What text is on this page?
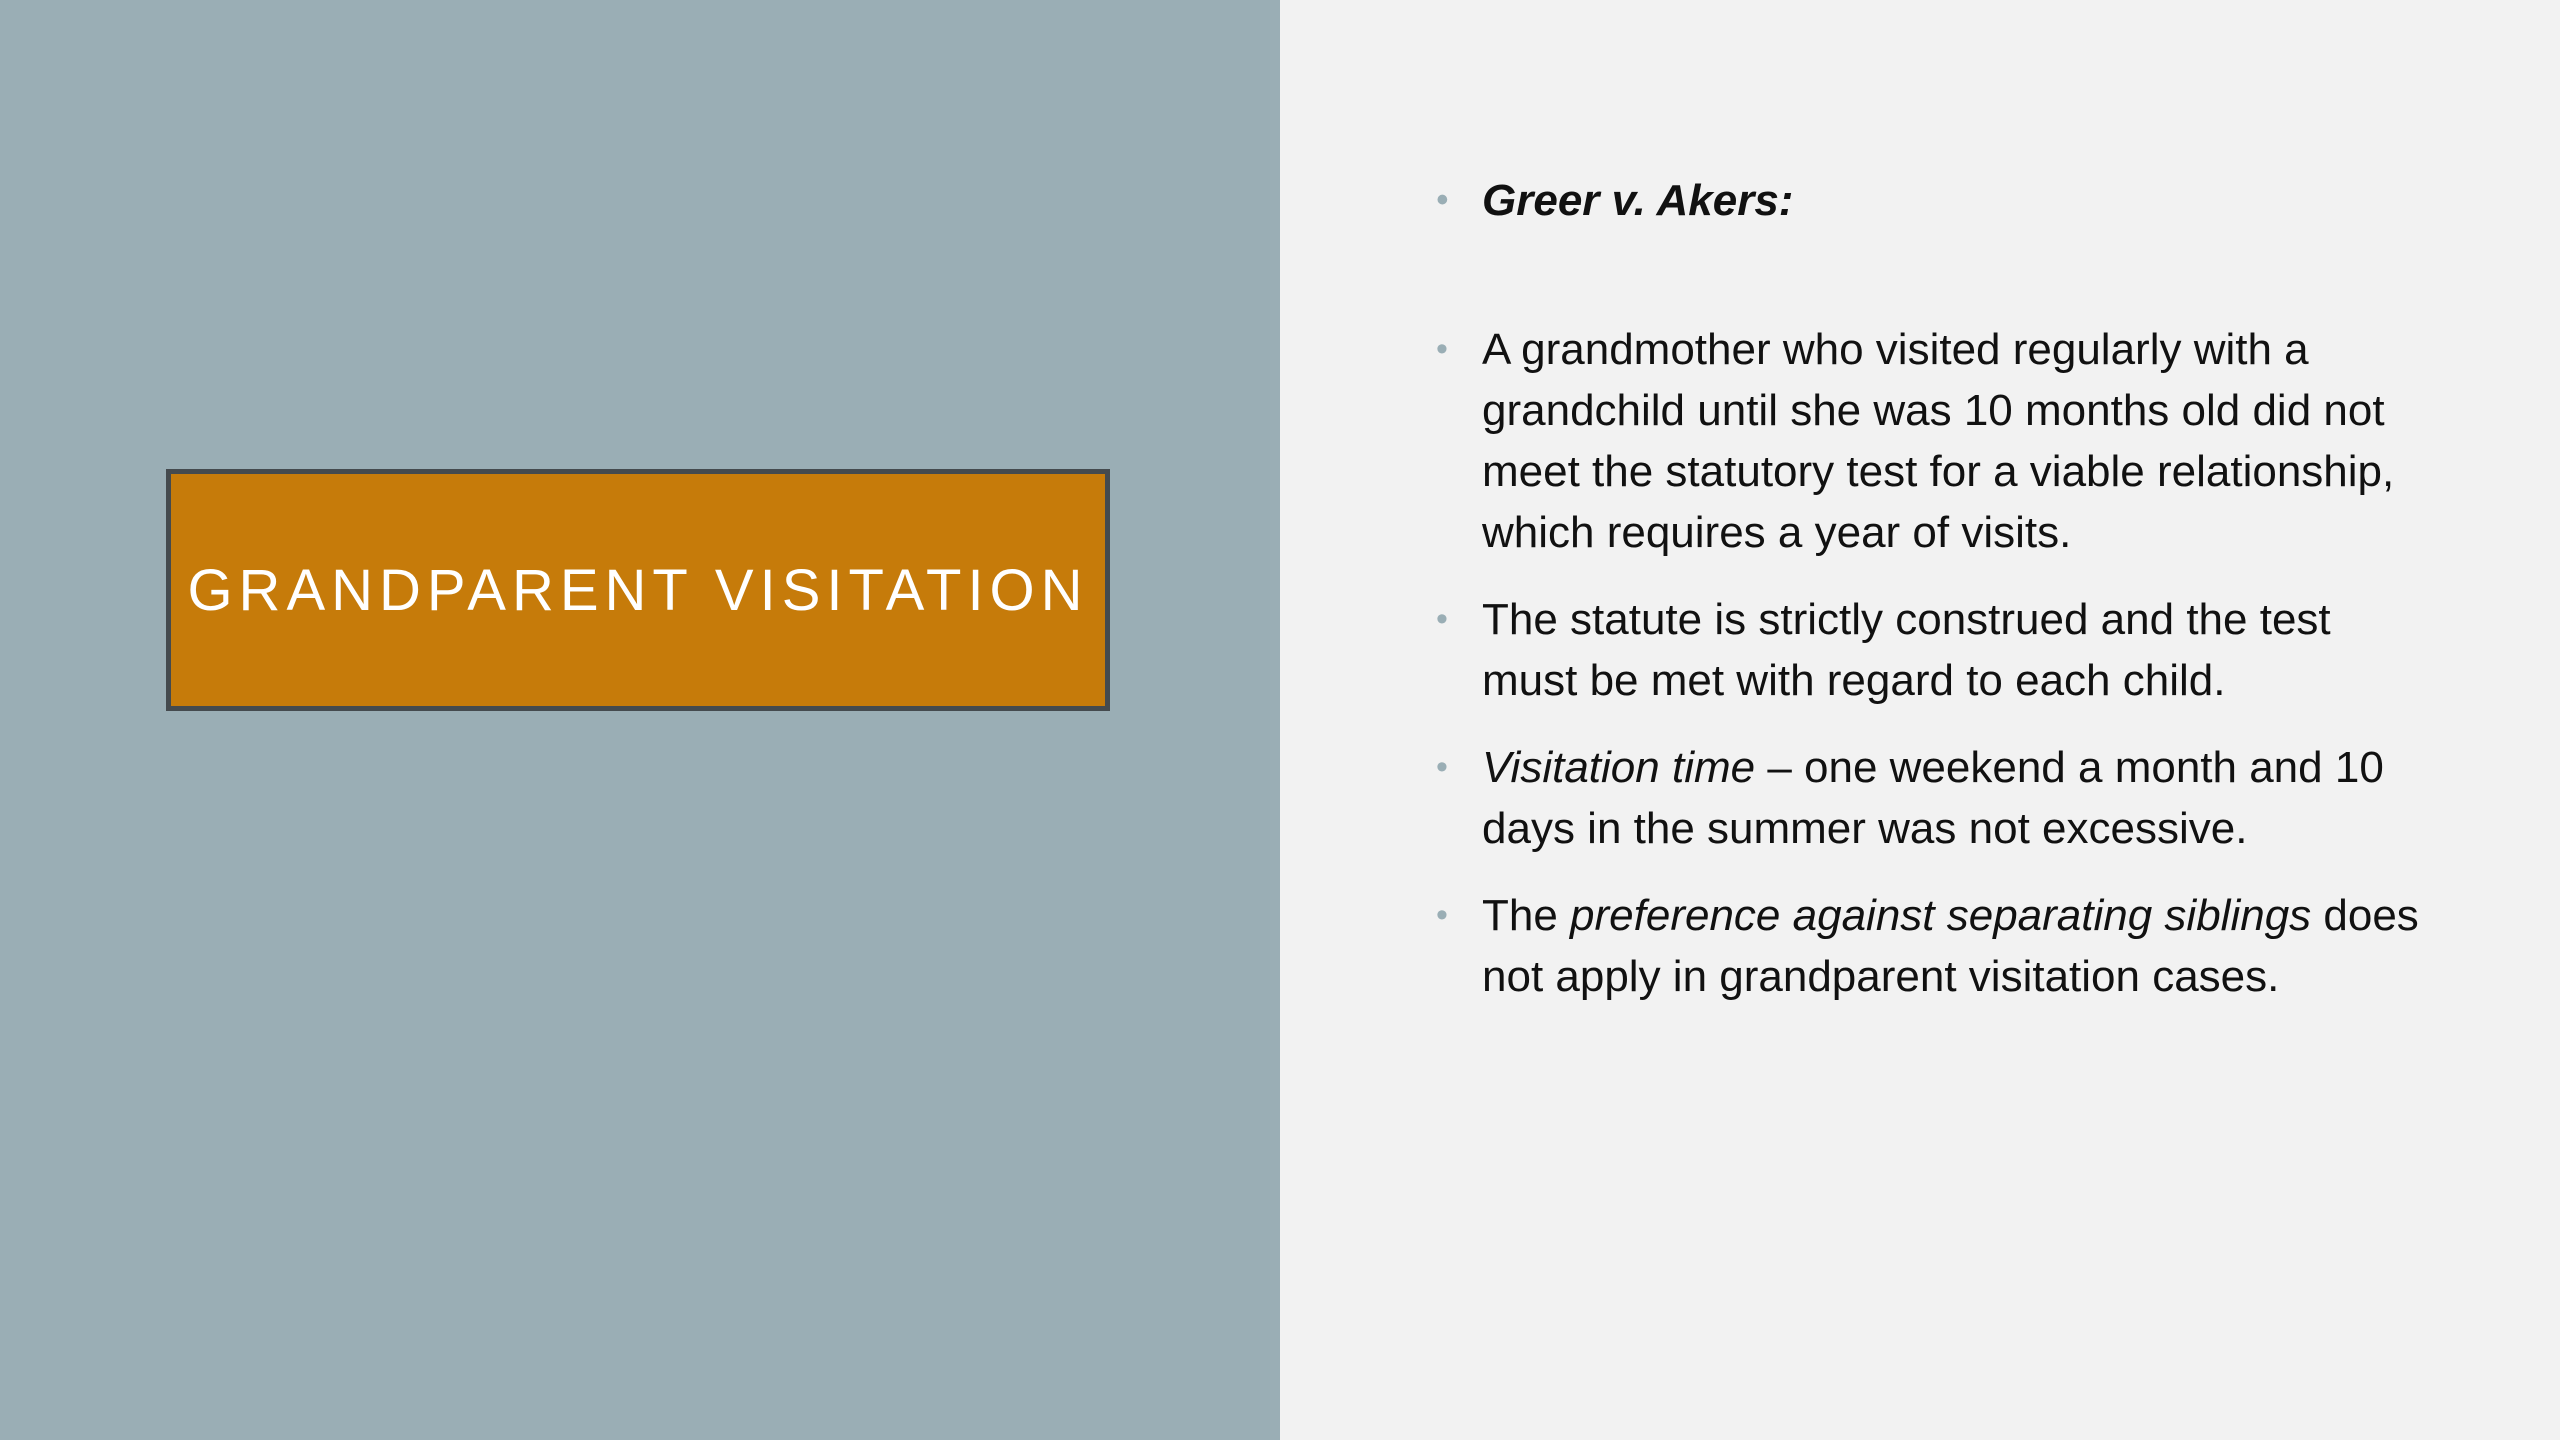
GRANDPARENT VISITATION
• Greer v. Akers:
• A grandmother who visited regularly with a grandchild until she was 10 months old did not meet the statutory test for a viable relationship, which requires a year of visits.
• The statute is strictly construed and the test must be met with regard to each child.
• Visitation time – one weekend a month and 10 days in the summer was not excessive.
• The preference against separating siblings does not apply in grandparent visitation cases.
